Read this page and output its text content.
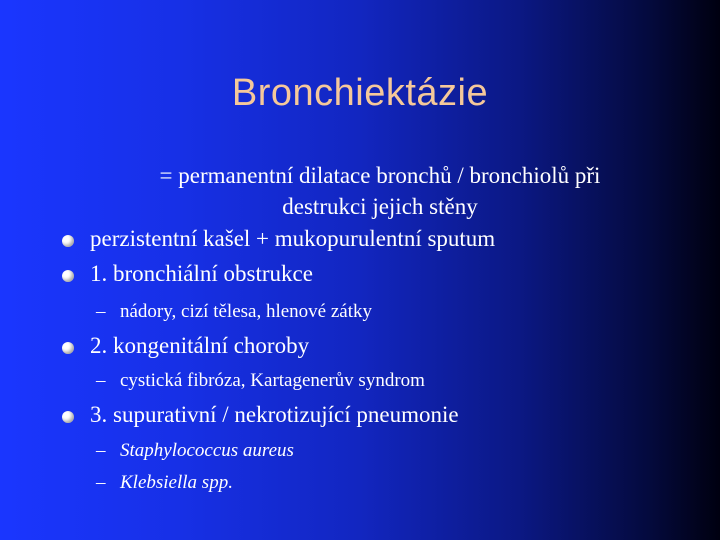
Bronchiektázie
= permanentní dilatace bronchů / bronchiolů při
destrukci jejich stěny
perzistentní kašel + mukopurulentní sputum
1. bronchiální obstrukce
– nádory, cizí tělesa, hlenové zátky
2. kongenitální choroby
– cystická fibróza, Kartagenerův syndrom
3. supurativní / nekrotizující pneumonie
– Staphylococcus aureus
– Klebsiella spp.
